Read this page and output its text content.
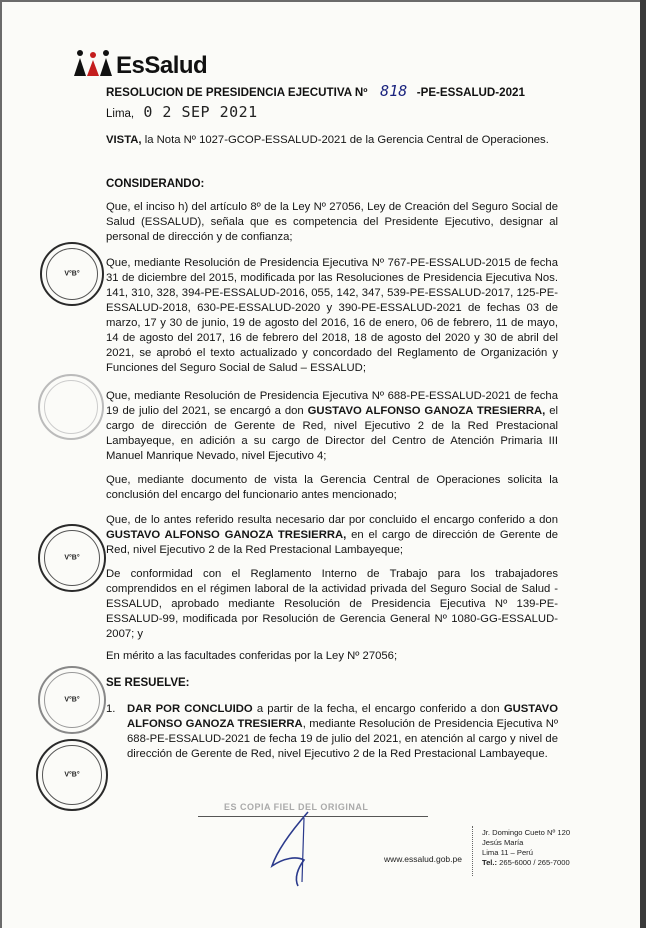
EsSalud
RESOLUCION DE PRESIDENCIA EJECUTIVA Nº 818 -PE-ESSALUD-2021
Lima, 0 2 SEP 2021
VISTA, la Nota Nº 1027-GCOP-ESSALUD-2021 de la Gerencia Central de Operaciones.
CONSIDERANDO:
Que, el inciso h) del artículo 8º de la Ley Nº 27056, Ley de Creación del Seguro Social de Salud (ESSALUD), señala que es competencia del Presidente Ejecutivo, designar al personal de dirección y de confianza;
Que, mediante Resolución de Presidencia Ejecutiva Nº 767-PE-ESSALUD-2015 de fecha 31 de diciembre del 2015, modificada por las Resoluciones de Presidencia Ejecutiva Nos. 141, 310, 328, 394-PE-ESSALUD-2016, 055, 142, 347, 539-PE-ESSALUD-2017, 125-PE-ESSALUD-2018, 630-PE-ESSALUD-2020 y 390-PE-ESSALUD-2021 de fechas 03 de marzo, 17 y 30 de junio, 19 de agosto del 2016, 16 de enero, 06 de febrero, 11 de mayo, 14 de agosto del 2017, 16 de febrero del 2018, 18 de agosto del 2020 y 30 de abril del 2021, se aprobó el texto actualizado y concordado del Reglamento de Organización y Funciones del Seguro Social de Salud – ESSALUD;
Que, mediante Resolución de Presidencia Ejecutiva Nº 688-PE-ESSALUD-2021 de fecha 19 de julio del 2021, se encargó a don GUSTAVO ALFONSO GANOZA TRESIERRA, el cargo de dirección de Gerente de Red, nivel Ejecutivo 2 de la Red Prestacional Lambayeque, en adición a su cargo de Director del Centro de Atención Primaria III Manuel Manrique Nevado, nivel Ejecutivo 4;
Que, mediante documento de vista la Gerencia Central de Operaciones solicita la conclusión del encargo del funcionario antes mencionado;
Que, de lo antes referido resulta necesario dar por concluido el encargo conferido a don GUSTAVO ALFONSO GANOZA TRESIERRA, en el cargo de dirección de Gerente de Red, nivel Ejecutivo 2 de la Red Prestacional Lambayeque;
De conformidad con el Reglamento Interno de Trabajo para los trabajadores comprendidos en el régimen laboral de la actividad privada del Seguro Social de Salud - ESSALUD, aprobado mediante Resolución de Presidencia Ejecutiva Nº 139-PE-ESSALUD-99, modificada por Resolución de Gerencia General Nº 1080-GG-ESSALUD-2007; y
En mérito a las facultades conferidas por la Ley Nº 27056;
SE RESUELVE:
1. DAR POR CONCLUIDO a partir de la fecha, el encargo conferido a don GUSTAVO ALFONSO GANOZA TRESIERRA, mediante Resolución de Presidencia Ejecutiva Nº 688-PE-ESSALUD-2021 de fecha 19 de julio del 2021, en atención al cargo y nivel de dirección de Gerente de Red, nivel Ejecutivo 2 de la Red Prestacional Lambayeque.
V°B°
V°B°
V°B°
V°B°
ES COPIA FIEL DEL ORIGINAL
www.essalud.gob.pe
Jr. Domingo Cueto Nº 120
Jesús María
Lima 11 – Perú
Tel.: 265-6000 / 265-7000
